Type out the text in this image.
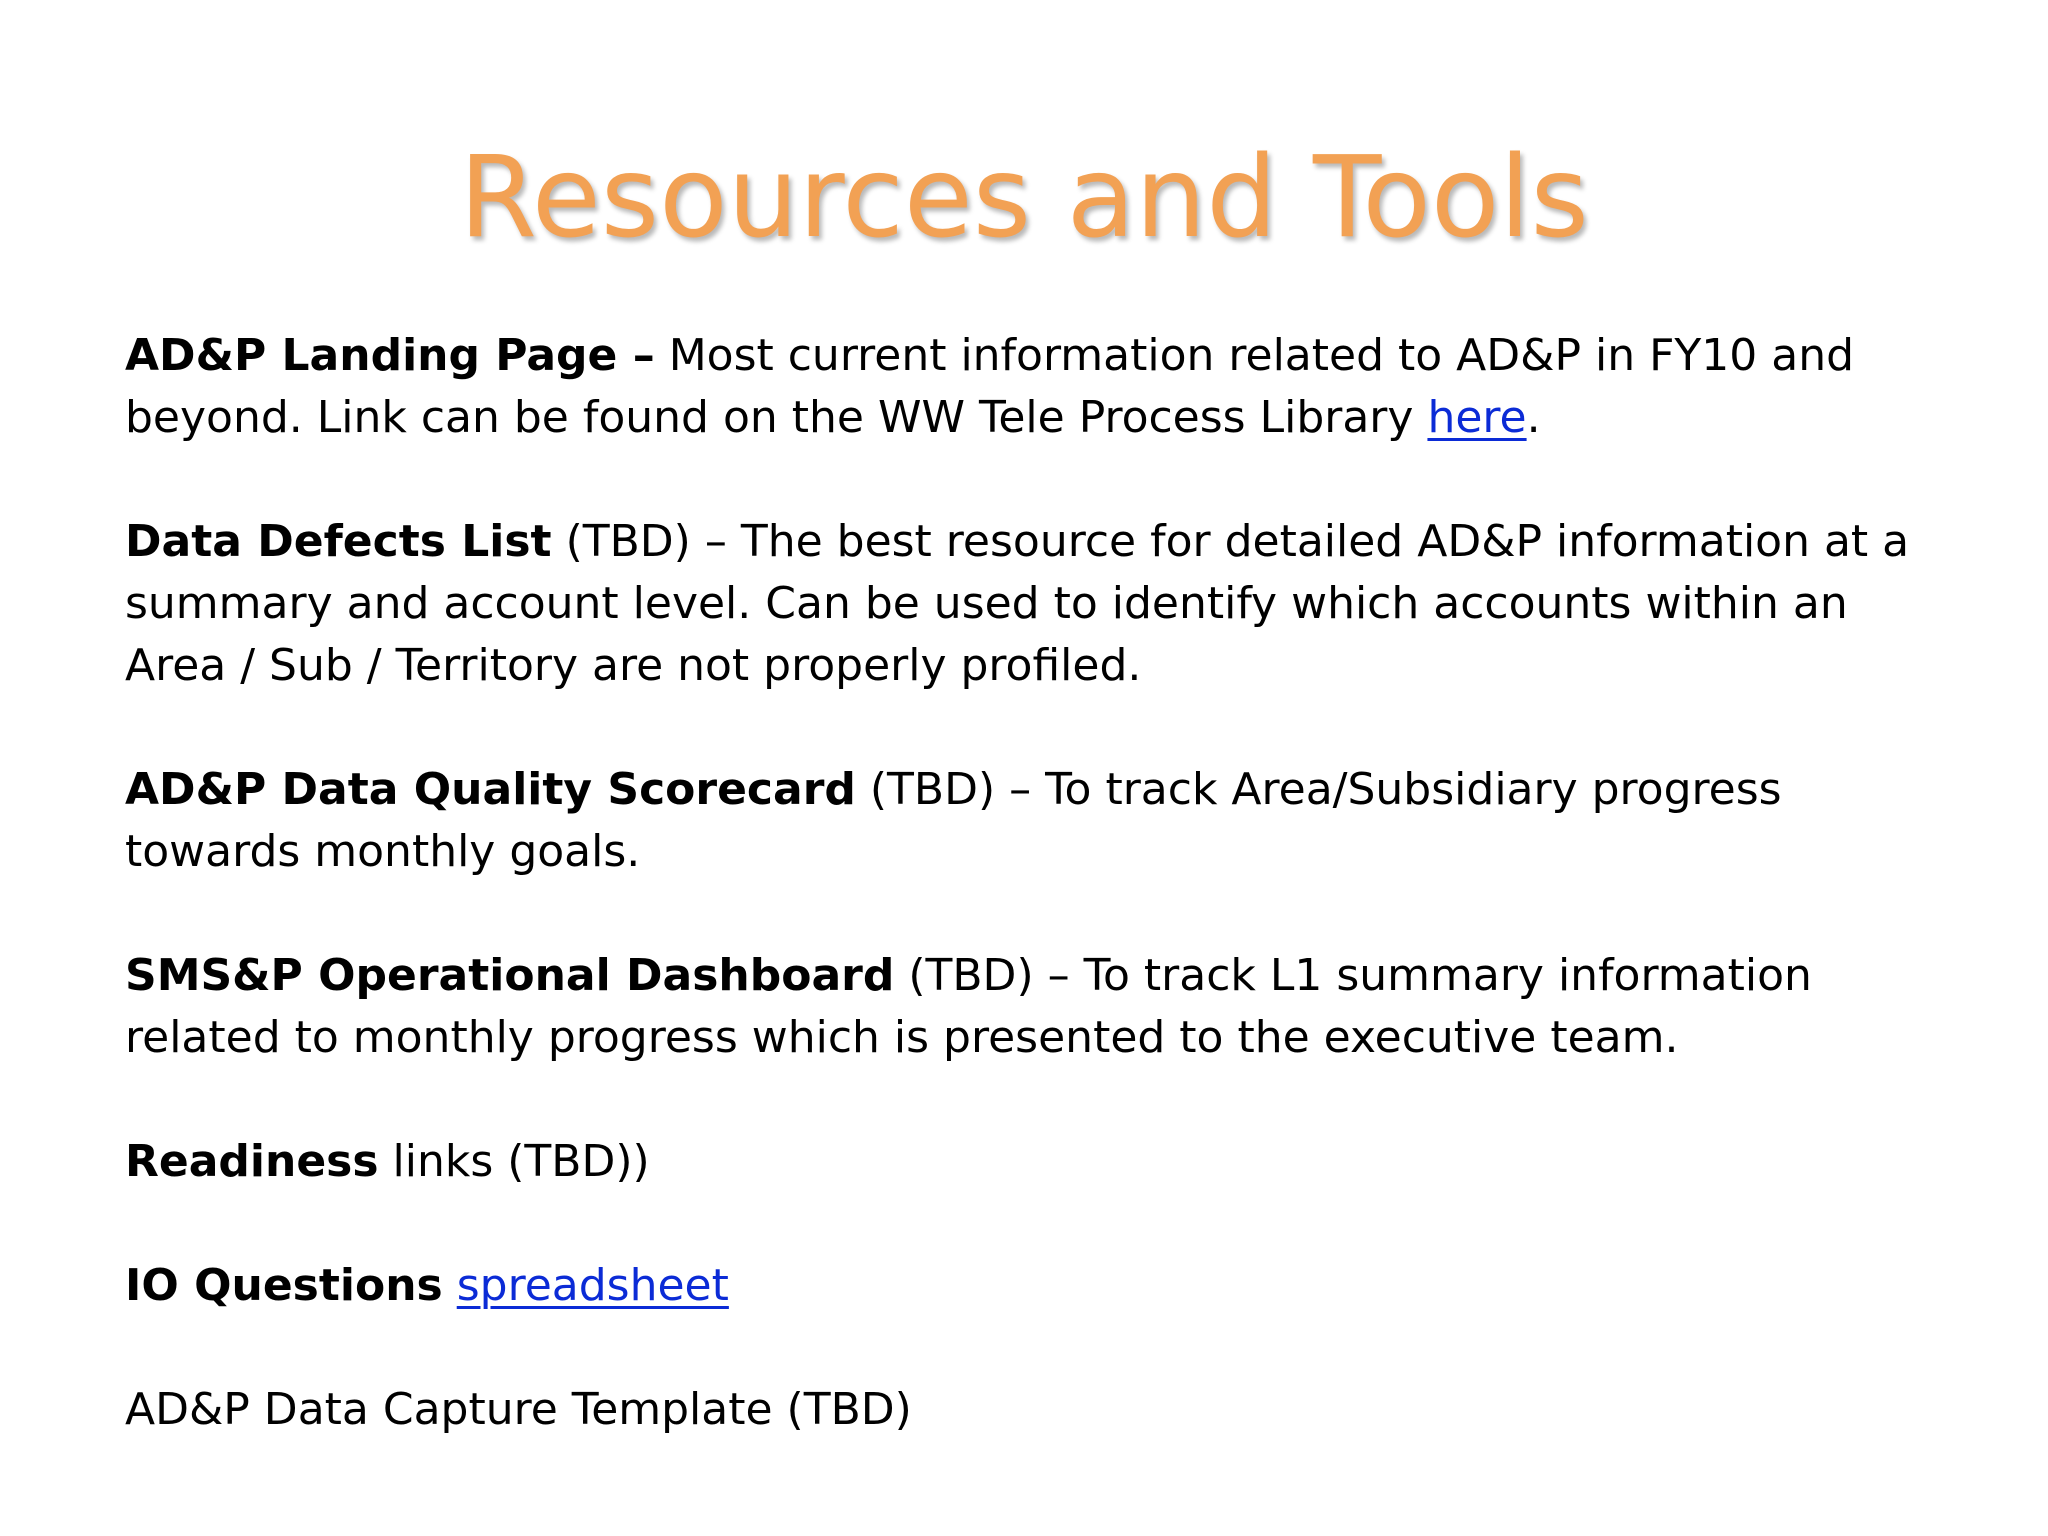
Resources and Tools

AD&P Landing Page – Most current information related to AD&P in FY10 and beyond. Link can be found on the WW Tele Process Library here.

Data Defects List (TBD) – The best resource for detailed AD&P information at a summary and account level. Can be used to identify which accounts within an Area / Sub / Territory are not properly profiled.

AD&P Data Quality Scorecard (TBD) – To track Area/Subsidiary progress towards monthly goals.

SMS&P Operational Dashboard (TBD) – To track L1 summary information related to monthly progress which is presented to the executive team.

Readiness links (TBD))

IO Questions spreadsheet

AD&P Data Capture Template (TBD)
